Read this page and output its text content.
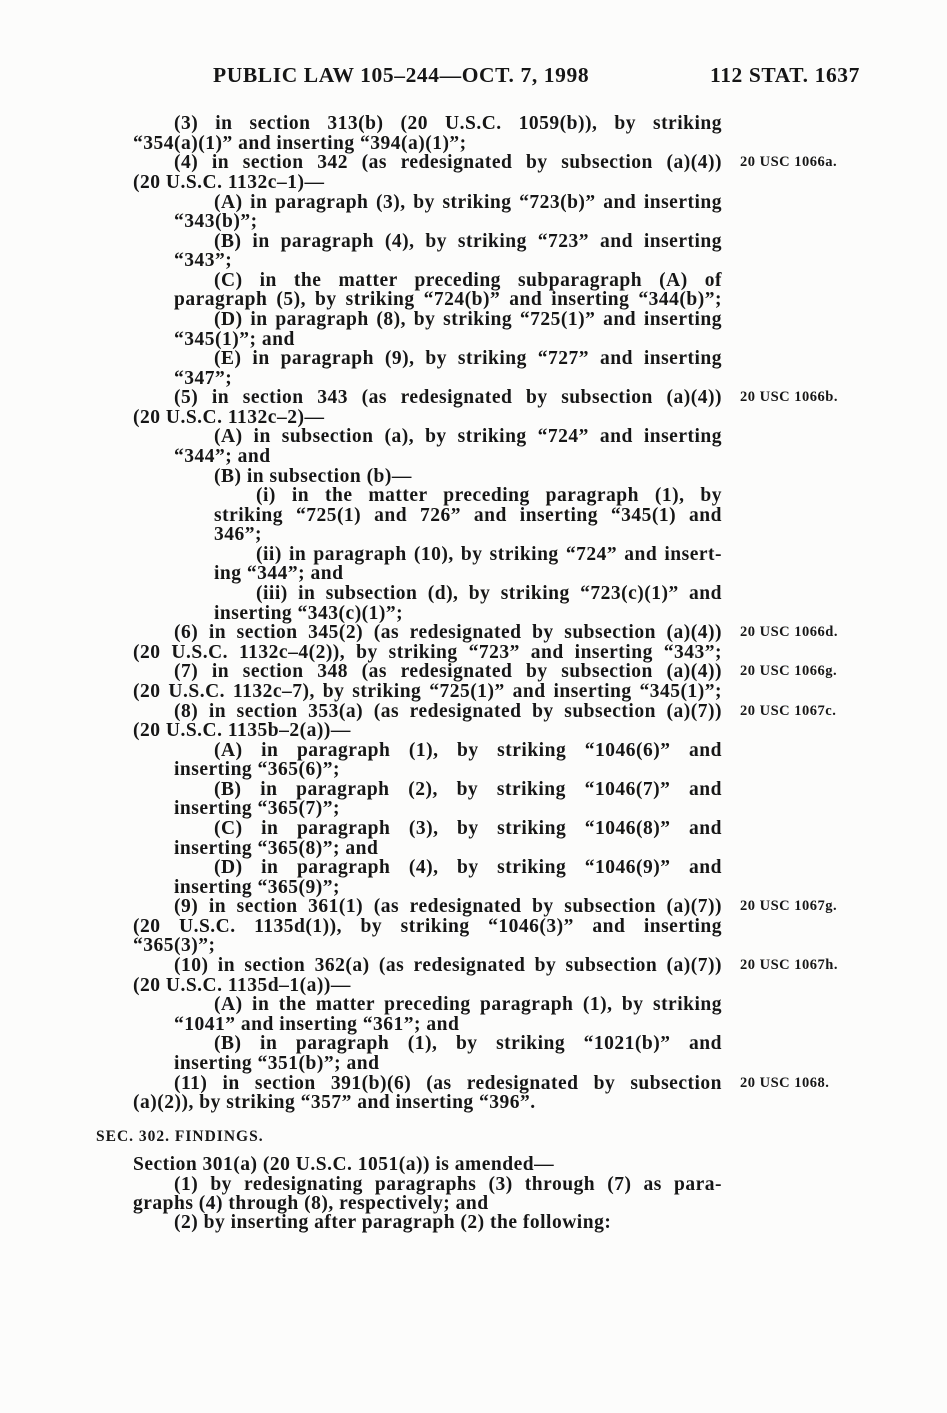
PUBLIC LAW 105–244—OCT. 7, 1998	112 STAT. 1637
(3) in section 313(b) (20 U.S.C. 1059(b)), by striking
“354(a)(1)” and inserting “394(a)(1)”;
(4) in section 342 (as redesignated by subsection (a)(4)) 20 USC 1066a.
(20 U.S.C. 1132c–1)—
(A) in paragraph (3), by striking “723(b)” and inserting
“343(b)”;
(B) in paragraph (4), by striking “723” and inserting
“343”;
(C) in the matter preceding subparagraph (A) of
paragraph (5), by striking “724(b)” and inserting “344(b)”;
(D) in paragraph (8), by striking “725(1)” and inserting
“345(1)”; and
(E) in paragraph (9), by striking “727” and inserting
“347”;
(5) in section 343 (as redesignated by subsection (a)(4)) 20 USC 1066b.
(20 U.S.C. 1132c–2)—
(A) in subsection (a), by striking “724” and inserting
“344”; and
(B) in subsection (b)—
(i) in the matter preceding paragraph (1), by
striking “725(1) and 726” and inserting “345(1) and
346”;
(ii) in paragraph (10), by striking “724” and insert-
ing “344”; and
(iii) in subsection (d), by striking “723(c)(1)” and
inserting “343(c)(1)”;
(6) in section 345(2) (as redesignated by subsection (a)(4)) 20 USC 1066d.
(20 U.S.C. 1132c–4(2)), by striking “723” and inserting “343”;
(7) in section 348 (as redesignated by subsection (a)(4)) 20 USC 1066g.
(20 U.S.C. 1132c–7), by striking “725(1)” and inserting “345(1)”;
(8) in section 353(a) (as redesignated by subsection (a)(7)) 20 USC 1067c.
(20 U.S.C. 1135b–2(a))—
(A) in paragraph (1), by striking “1046(6)” and
inserting “365(6)”;
(B) in paragraph (2), by striking “1046(7)” and
inserting “365(7)”;
(C) in paragraph (3), by striking “1046(8)” and
inserting “365(8)”; and
(D) in paragraph (4), by striking “1046(9)” and
inserting “365(9)”;
(9) in section 361(1) (as redesignated by subsection (a)(7)) 20 USC 1067g.
(20 U.S.C. 1135d(1)), by striking “1046(3)” and inserting
“365(3)”;
(10) in section 362(a) (as redesignated by subsection (a)(7)) 20 USC 1067h.
(20 U.S.C. 1135d–1(a))—
(A) in the matter preceding paragraph (1), by striking
“1041” and inserting “361”; and
(B) in paragraph (1), by striking “1021(b)” and
inserting “351(b)”; and
(11) in section 391(b)(6) (as redesignated by subsection 20 USC 1068.
(a)(2)), by striking “357” and inserting “396”.
SEC. 302. FINDINGS.
Section 301(a) (20 U.S.C. 1051(a)) is amended—
(1) by redesignating paragraphs (3) through (7) as para-
graphs (4) through (8), respectively; and
(2) by inserting after paragraph (2) the following:
